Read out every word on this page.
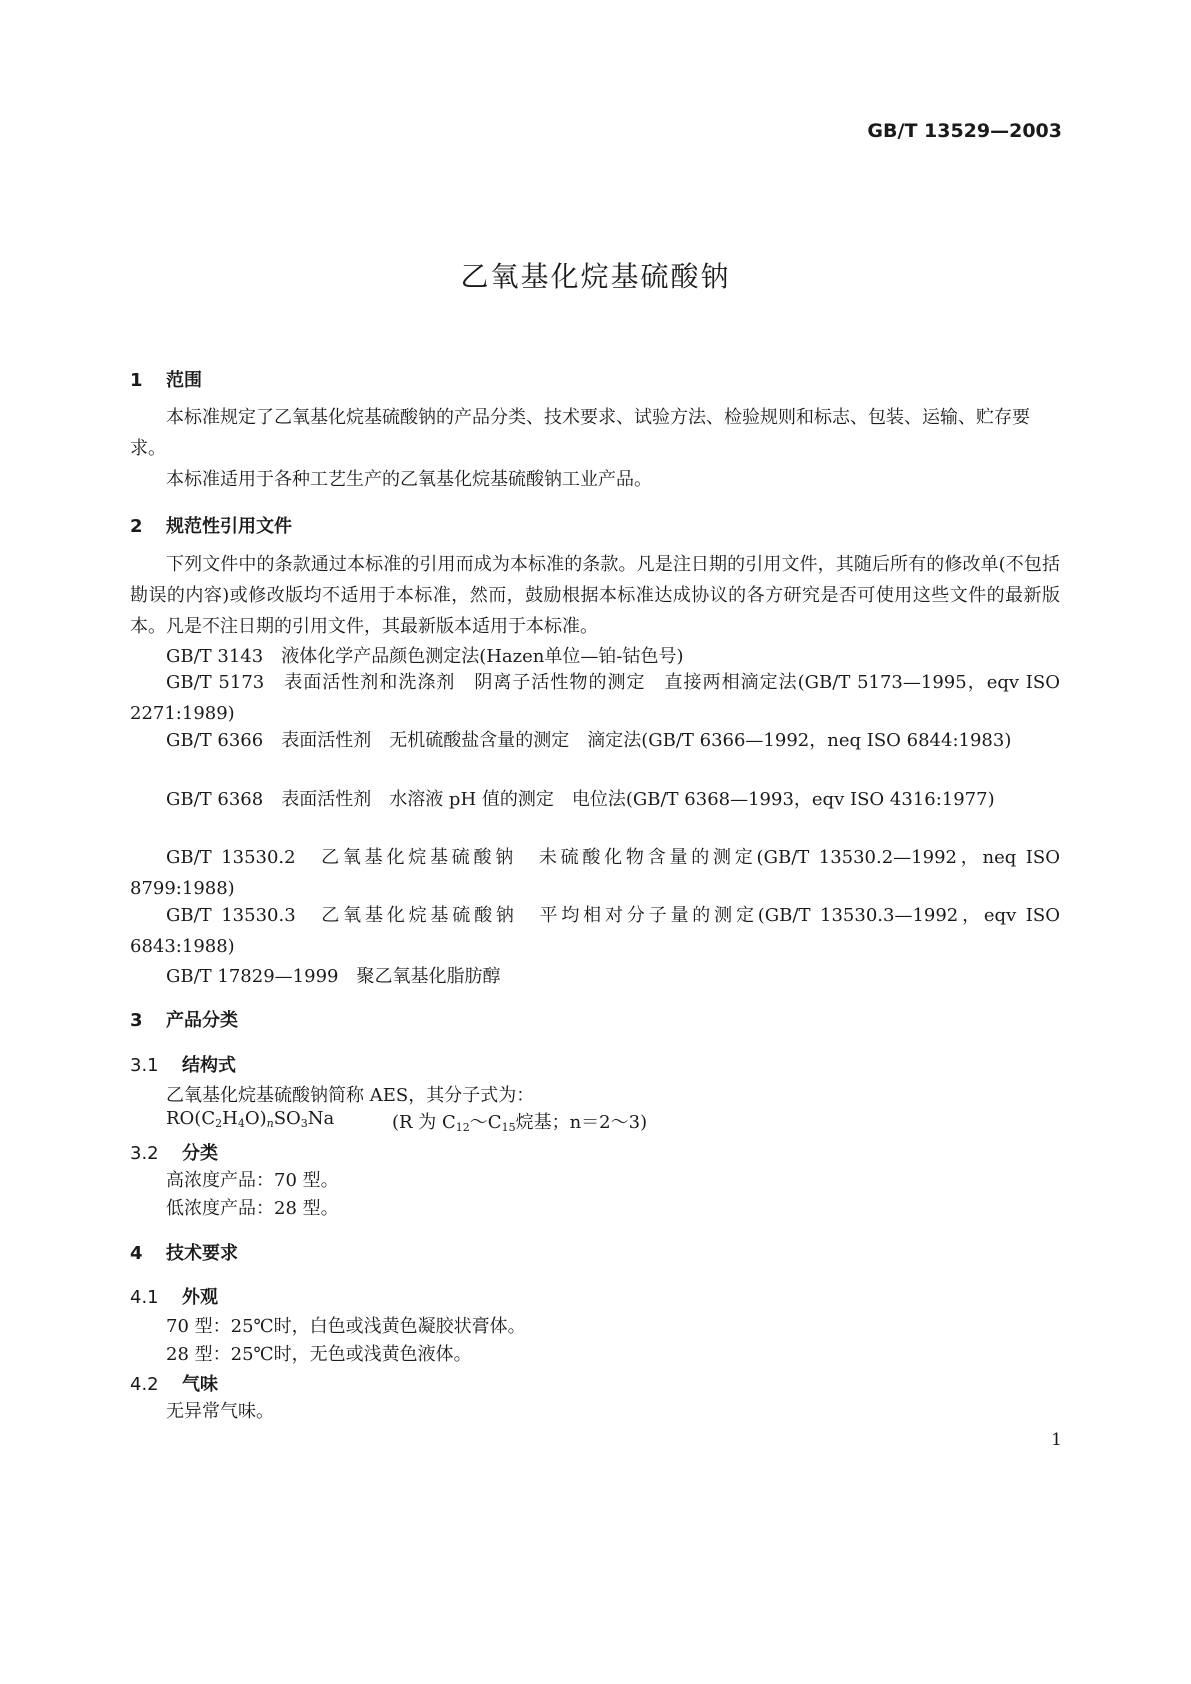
GB/T 13529—2003
乙氧基化烷基硫酸钠
1 范围
本标准规定了乙氧基化烷基硫酸钠的产品分类、技术要求、试验方法、检验规则和标志、包装、运输、贮存要求。
本标准适用于各种工艺生产的乙氧基化烷基硫酸钠工业产品。
2 规范性引用文件
下列文件中的条款通过本标准的引用而成为本标准的条款。凡是注日期的引用文件，其随后所有的修改单(不包括勘误的内容)或修改版均不适用于本标准，然而，鼓励根据本标准达成协议的各方研究是否可使用这些文件的最新版本。凡是不注日期的引用文件，其最新版本适用于本标准。
GB/T 3143　液体化学产品颜色测定法(Hazen单位—铂-钴色号)
GB/T 5173　表面活性剂和洗涤剂　阴离子活性物的测定　直接两相滴定法(GB/T 5173—1995，eqv ISO 2271:1989)
GB/T 6366　表面活性剂　无机硫酸盐含量的测定　滴定法(GB/T 6366—1992，neq ISO 6844:1983)
GB/T 6368　表面活性剂　水溶液 pH 值的测定　电位法(GB/T 6368—1993，eqv ISO 4316:1977)
GB/T 13530.2　乙氧基化烷基硫酸钠　未硫酸化物含量的测定(GB/T 13530.2—1992，neq ISO 8799:1988)
GB/T 13530.3　乙氧基化烷基硫酸钠　平均相对分子量的测定(GB/T 13530.3—1992，eqv ISO 6843:1988)
GB/T 17829—1999　聚乙氧基化脂肪醇
3 产品分类
3.1 结构式
乙氧基化烷基硫酸钠简称 AES，其分子式为：
$RO(C_2H_4O)_nSO_3Na$	(R 为 $C_{12}\sim C_{15}$烷基；n＝2～3)
3.2 分类
高浓度产品：70 型。
低浓度产品：28 型。
4 技术要求
4.1 外观
70 型：25℃时，白色或浅黄色凝胶状膏体。
28 型：25℃时，无色或浅黄色液体。
4.2 气味
无异常气味。
1
